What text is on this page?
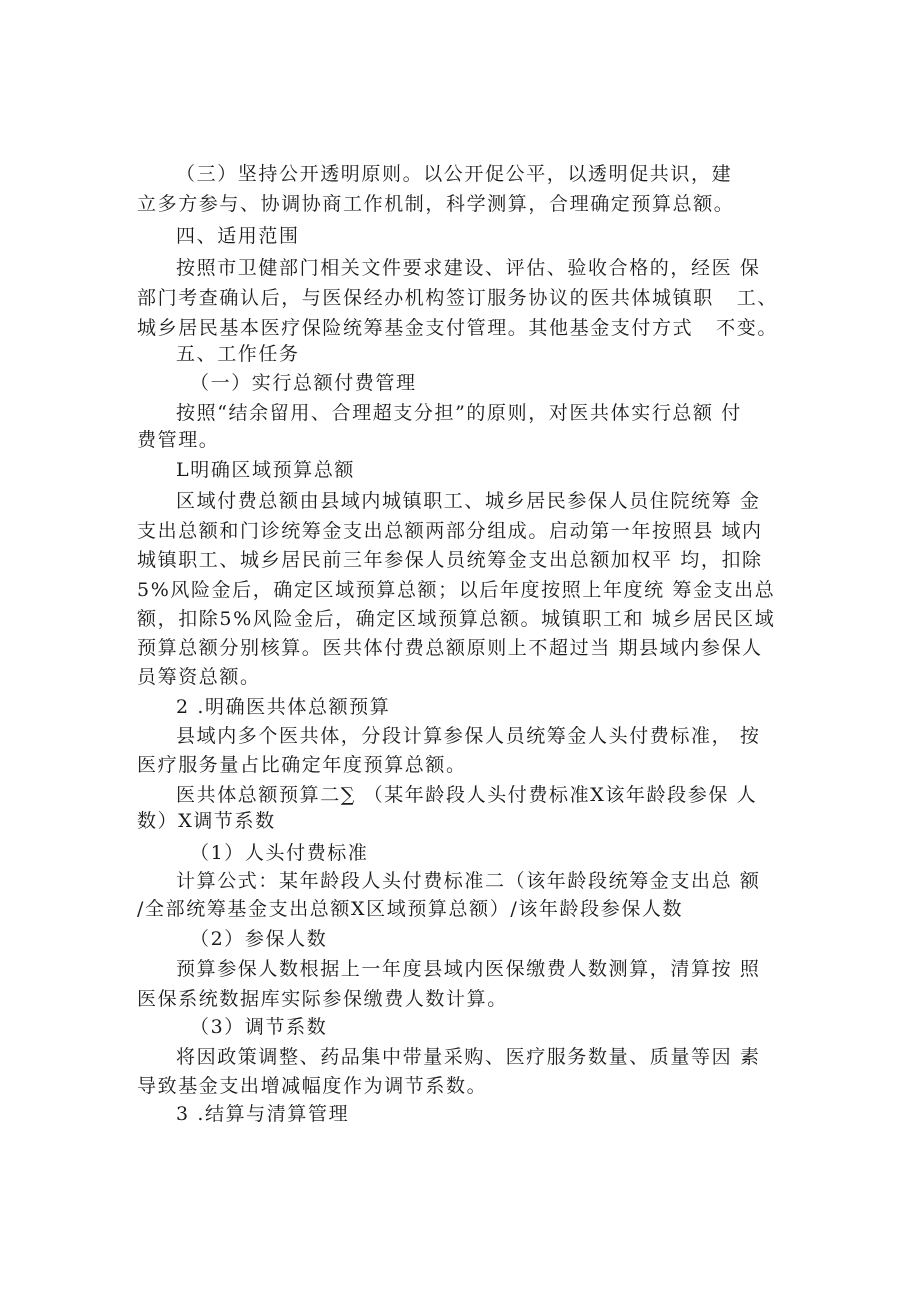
（三）坚持公开透明原则。以公开促公平，以透明促共识，建
立多方参与、协调协商工作机制，科学测算，合理确定预算总额。
四、适用范围
按照市卫健部门相关文件要求建设、评估、验收合格的，经医 保
部门考查确认后，与医保经办机构签订服务协议的医共体城镇职   工、
城乡居民基本医疗保险统筹基金支付管理。其他基金支付方式   不变。
五、工作任务
（一）实行总额付费管理
按照“结余留用、合理超支分担”的原则，对医共体实行总额 付
费管理。
L明确区域预算总额
区域付费总额由县域内城镇职工、城乡居民参保人员住院统筹 金
支出总额和门诊统筹金支出总额两部分组成。启动第一年按照县 域内
城镇职工、城乡居民前三年参保人员统筹金支出总额加权平 均，扣除
5%风险金后，确定区域预算总额；以后年度按照上年度统 筹金支出总
额，扣除5%风险金后，确定区域预算总额。城镇职工和 城乡居民区域
预算总额分别核算。医共体付费总额原则上不超过当 期县域内参保人
员筹资总额。
2 .明确医共体总额预算
县域内多个医共体，分段计算参保人员统筹金人头付费标准， 按
医疗服务量占比确定年度预算总额。
医共体总额预算二∑ （某年龄段人头付费标准X该年龄段参保 人
数）X调节系数
（1）人头付费标准
计算公式：某年龄段人头付费标准二（该年龄段统筹金支出总 额
/全部统筹基金支出总额X区域预算总额）/该年龄段参保人数
（2）参保人数
预算参保人数根据上一年度县域内医保缴费人数测算，清算按 照
医保系统数据库实际参保缴费人数计算。
（3）调节系数
将因政策调整、药品集中带量采购、医疗服务数量、质量等因 素
导致基金支出增减幅度作为调节系数。
3 .结算与清算管理
